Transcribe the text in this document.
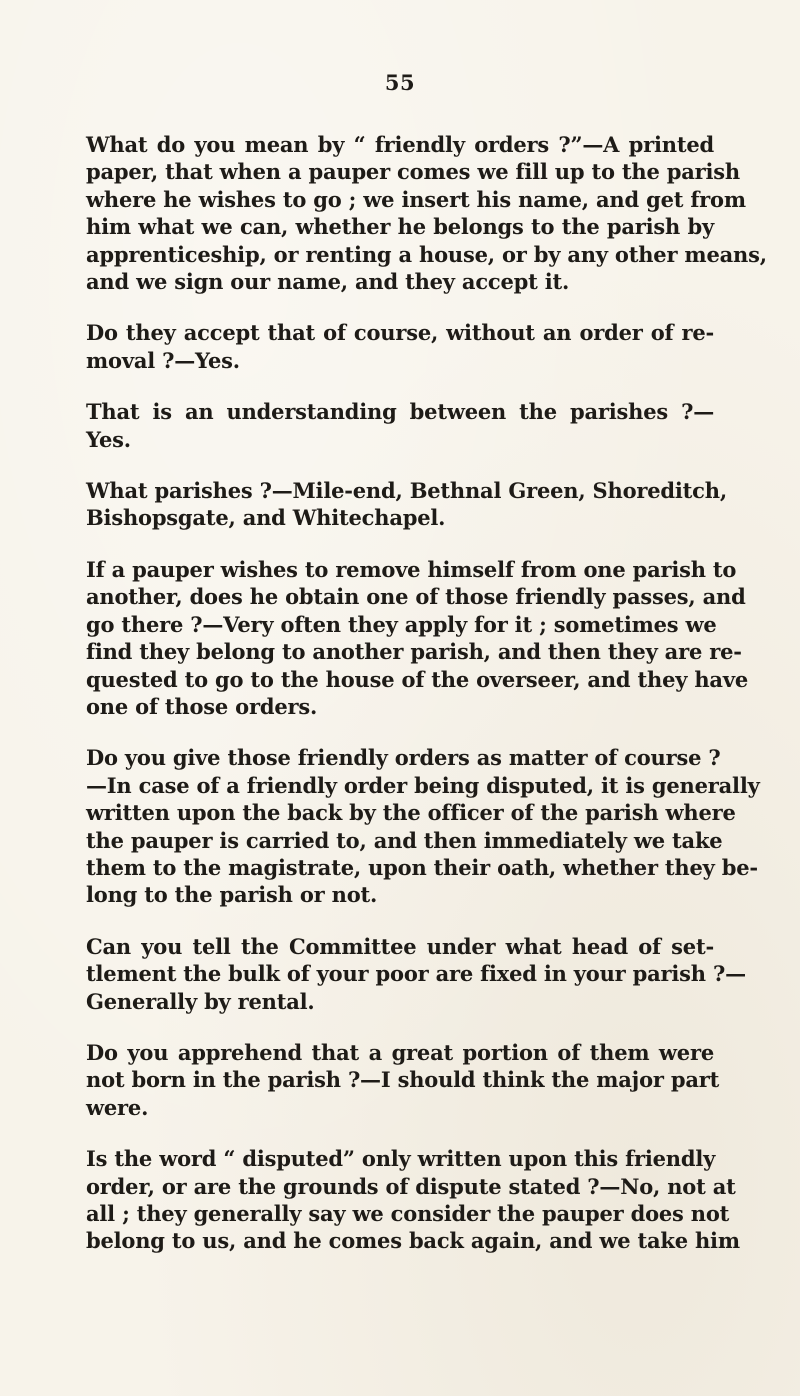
55

What do you mean by “ friendly orders ?”—A printed
paper, that when a pauper comes we fill up to the parish
where he wishes to go ; we insert his name, and get from
him what we can, whether he belongs to the parish by
apprenticeship, or renting a house, or by any other means,
and we sign our name, and they accept it.

Do they accept that of course, without an order of re-
moval ?—Yes.

That is an understanding between the parishes ?—
Yes.

What parishes ?—Mile-end, Bethnal Green, Shoreditch,
Bishopsgate, and Whitechapel.

If a pauper wishes to remove himself from one parish to
another, does he obtain one of those friendly passes, and
go there ?—Very often they apply for it ; sometimes we
find they belong to another parish, and then they are re-
quested to go to the house of the overseer, and they have
one of those orders.

Do you give those friendly orders as matter of course ?
—In case of a friendly order being disputed, it is generally
written upon the back by the officer of the parish where
the pauper is carried to, and then immediately we take
them to the magistrate, upon their oath, whether they be-
long to the parish or not.

Can you tell the Committee under what head of set-
tlement the bulk of your poor are fixed in your parish ?—
Generally by rental.

Do you apprehend that a great portion of them were
not born in the parish ?—I should think the major part
were.

Is the word “ disputed” only written upon this friendly
order, or are the grounds of dispute stated ?—No, not at
all ; they generally say we consider the pauper does not
belong to us, and he comes back again, and we take him
